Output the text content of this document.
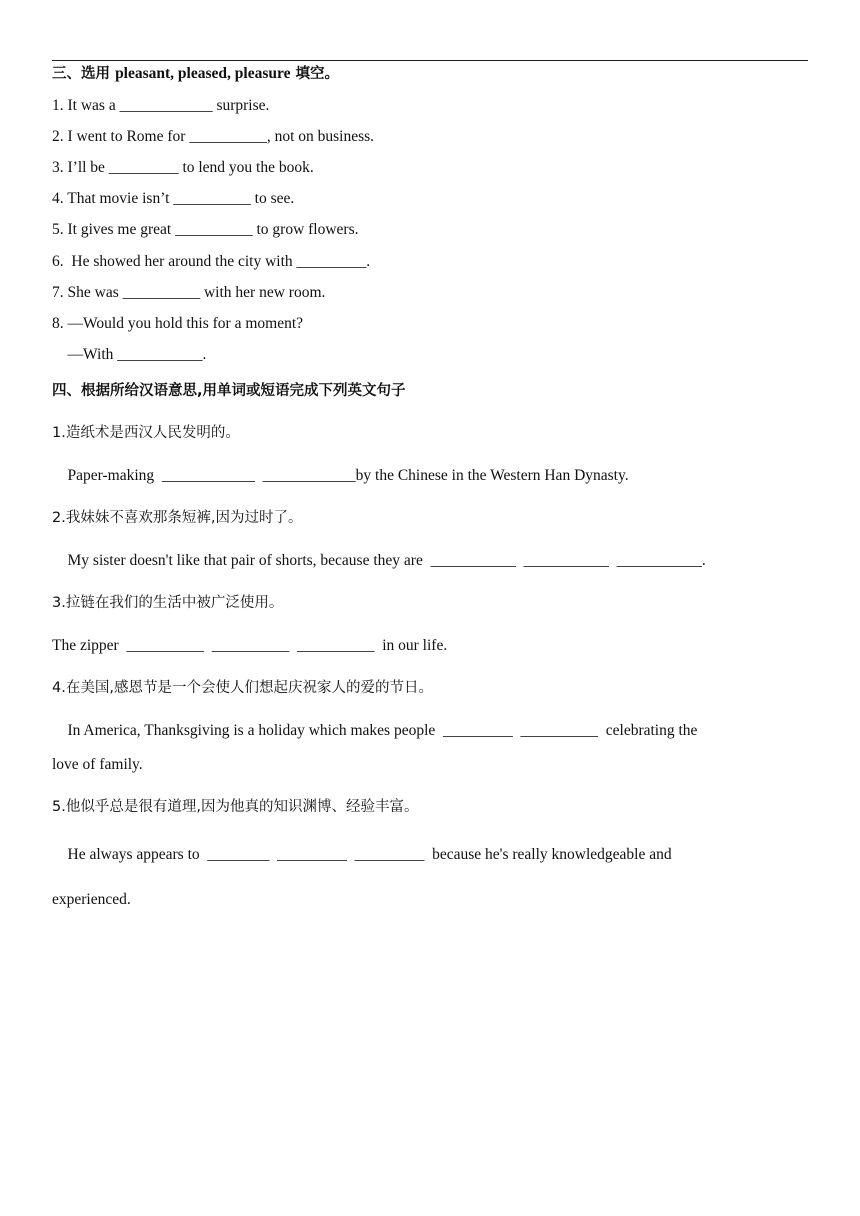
三、选用 pleasant, pleased, pleasure 填空。
1. It was a ____________ surprise.
2. I went to Rome for __________, not on business.
3. I’ll be _________ to lend you the book.
4. That movie isn’t __________ to see.
5. It gives me great __________ to grow flowers.
6.  He showed her around the city with _________.
7. She was __________ with her new room.
8. —Would you hold this for a moment?
—With ___________.
四、根据所给汉语意思,用单词或短语完成下列英文句子
1.造纸术是西汉人民发明的。
Paper-making  ____________  ____________by the Chinese in the Western Han Dynasty.
2.我妹妹不喜欢那条短裤,因为过时了。
My sister doesn't like that pair of shorts, because they are  ___________  ___________  ___________.
3.拉链在我们的生活中被广泛使用。
The zipper  __________  __________  __________  in our life.
4.在美国,感恩节是一个会使人们想起庆祝家人的爱的节日。
In America, Thanksgiving is a holiday which makes people  _________  __________  celebrating the
love of family.
5.他似乎总是很有道理,因为他真的知识渊博、经验丰富。
He always appears to  ________  _________  _________  because he's really knowledgeable and
experienced.
